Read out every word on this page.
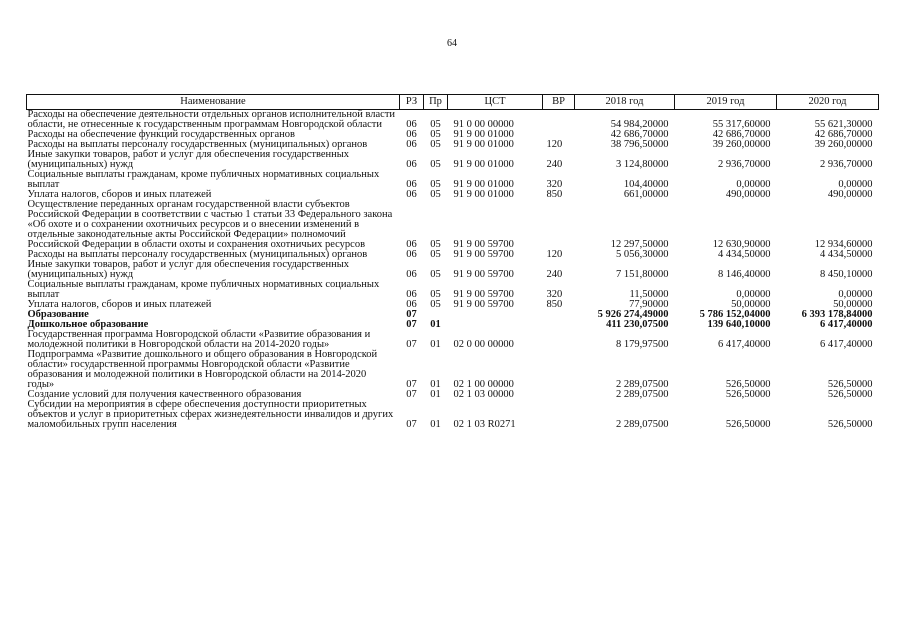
64
Наименование	РЗ	Пр	ЦСТ	ВР	2018 год	2019 год	2020 год
Расходы на обеспечение деятельности отдельных органов исполнительной власти области, не отнесенные к государственным программам Новгородской области	06	05	91 0 00 00000		54 984,20000	55 317,60000	55 621,30000
Расходы на обеспечение функций государственных органов	06	05	91 9 00 01000		42 686,70000	42 686,70000	42 686,70000
Расходы на выплаты персоналу государственных (муниципальных) органов	06	05	91 9 00 01000	120	38 796,50000	39 260,00000	39 260,00000
Иные закупки товаров, работ и услуг для обеспечения государственных (муниципальных) нужд	06	05	91 9 00 01000	240	3 124,80000	2 936,70000	2 936,70000
Социальные выплаты гражданам, кроме публичных нормативных социальных выплат	06	05	91 9 00 01000	320	104,40000	0,00000	0,00000
Уплата налогов, сборов и иных платежей	06	05	91 9 00 01000	850	661,00000	490,00000	490,00000
Осуществление переданных органам государственной власти субъектов Российской Федерации в соответствии с частью 1 статьи 33 Федерального закона «Об охоте и о сохранении охотничьих ресурсов и о внесении изменений в отдельные законодательные акты Российской Федерации» полномочий Российской Федерации в области охоты и сохранения охотничьих ресурсов	06	05	91 9 00 59700		12 297,50000	12 630,90000	12 934,60000
Расходы на выплаты персоналу государственных (муниципальных) органов	06	05	91 9 00 59700	120	5 056,30000	4 434,50000	4 434,50000
Иные закупки товаров, работ и услуг для обеспечения государственных (муниципальных) нужд	06	05	91 9 00 59700	240	7 151,80000	8 146,40000	8 450,10000
Социальные выплаты гражданам, кроме публичных нормативных социальных выплат	06	05	91 9 00 59700	320	11,50000	0,00000	0,00000
Уплата налогов, сборов и иных платежей	06	05	91 9 00 59700	850	77,90000	50,00000	50,00000
Образование	07				5 926 274,49000	5 786 152,04000	6 393 178,84000
Дошкольное образование	07	01			411 230,07500	139 640,10000	6 417,40000
Государственная программа Новгородской области «Развитие образования и молодежной политики в Новгородской области на 2014-2020 годы»	07	01	02 0 00 00000		8 179,97500	6 417,40000	6 417,40000
Подпрограмма «Развитие дошкольного и общего образования в Новгородской области» государственной программы Новгородской области «Развитие образования и молодежной политики в Новгородской области на 2014-2020 годы»	07	01	02 1 00 00000		2 289,07500	526,50000	526,50000
Создание условий для получения качественного образования	07	01	02 1 03 00000		2 289,07500	526,50000	526,50000
Субсидии на мероприятия в сфере обеспечения доступности приоритетных объектов и услуг в приоритетных сферах жизнедеятельности инвалидов и других маломобильных групп населения	07	01	02 1 03 R0271		2 289,07500	526,50000	526,50000
